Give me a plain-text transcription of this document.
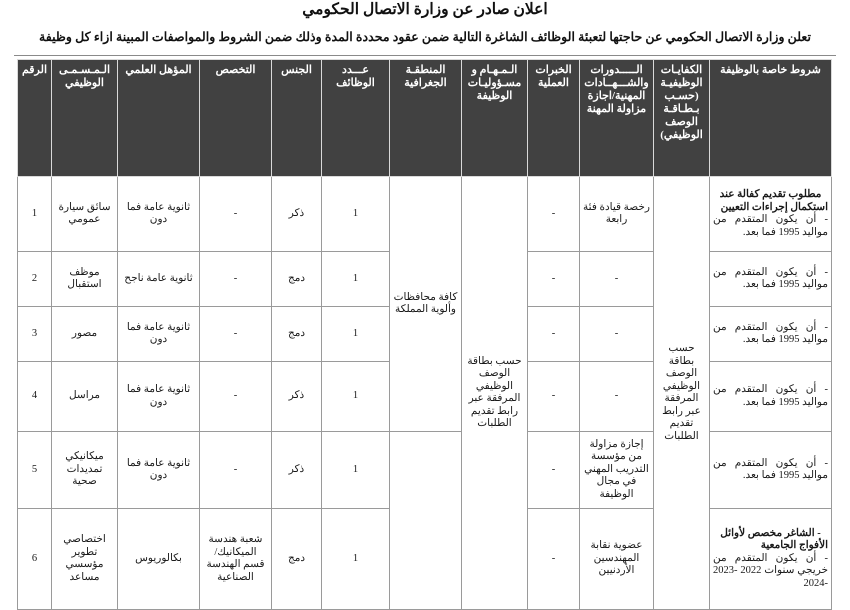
اعلان صادر عن وزارة الاتصال الحكومي

تعلن وزارة الاتصال الحكومي عن حاجتها لتعبئة الوظائف الشاغرة التالية ضمن عقود محددة المدة وذلك ضمن الشروط والمواصفات المبينة ازاء كل وظيفة

شروط خاصة بالوظيفة	الكفايـات الوظيفيـة (حسـب بـطـاقـة الوصف الوظيفي)	الـــــدورات والشـــهــادات المهنية/اجازة مزاولة المهنة	الخبرات العملية	الـمـهـام و مسـؤوليـات الوظيفة	المنطقـة الجغرافية	عـــدد الوظائف	الجنس	التخصص	المؤهل العلمي	الـمـسـمـى الوظيفي	الرقم

مطلوب تقديم كفالة عند استكمال إجراءات التعيين
- أن يكون المتقدم من مواليد 1995 فما بعد.	حسب بطاقة الوصف الوظيفي المرفقة عبر رابط تقديم الطلبات	رخصة قيادة فئة رابعة	-	حسب بطاقة الوصف الوظيفي المرفقة عبر رابط تقديم الطلبات	كافة محافظات وألوية المملكة	1	ذكر	-	ثانوية عامة فما دون	سائق سيارة عمومي	1

- أن يكون المتقدم من مواليد 1995 فما بعد.		-	-			1	دمج	-	ثانوية عامة ناجح	موظف استقبال	2

- أن يكون المتقدم من مواليد 1995 فما بعد.		-	-			1	دمج	-	ثانوية عامة فما دون	مصور	3

- أن يكون المتقدم من مواليد 1995 فما بعد.		-	-			1	ذكر	-	ثانوية عامة فما دون	مراسل	4

- أن يكون المتقدم من مواليد 1995 فما بعد.		إجازة مزاولة من مؤسسة التدريب المهني في مجال الوظيفة	-			1	ذكر	-	ثانوية عامة فما دون	ميكانيكي تمديدات صحية	5

- الشاغر مخصص لأوائل الأفواج الجامعية
- أن يكون المتقدم من خريجي سنوات 2022 -2023 -2024		عضوية نقابة المهندسين الأردنيين	-			1	دمج	شعبة هندسة الميكانيك/ قسم الهندسة الصناعية	بكالوريوس	اختصاصي تطوير مؤسسي مساعد	6
